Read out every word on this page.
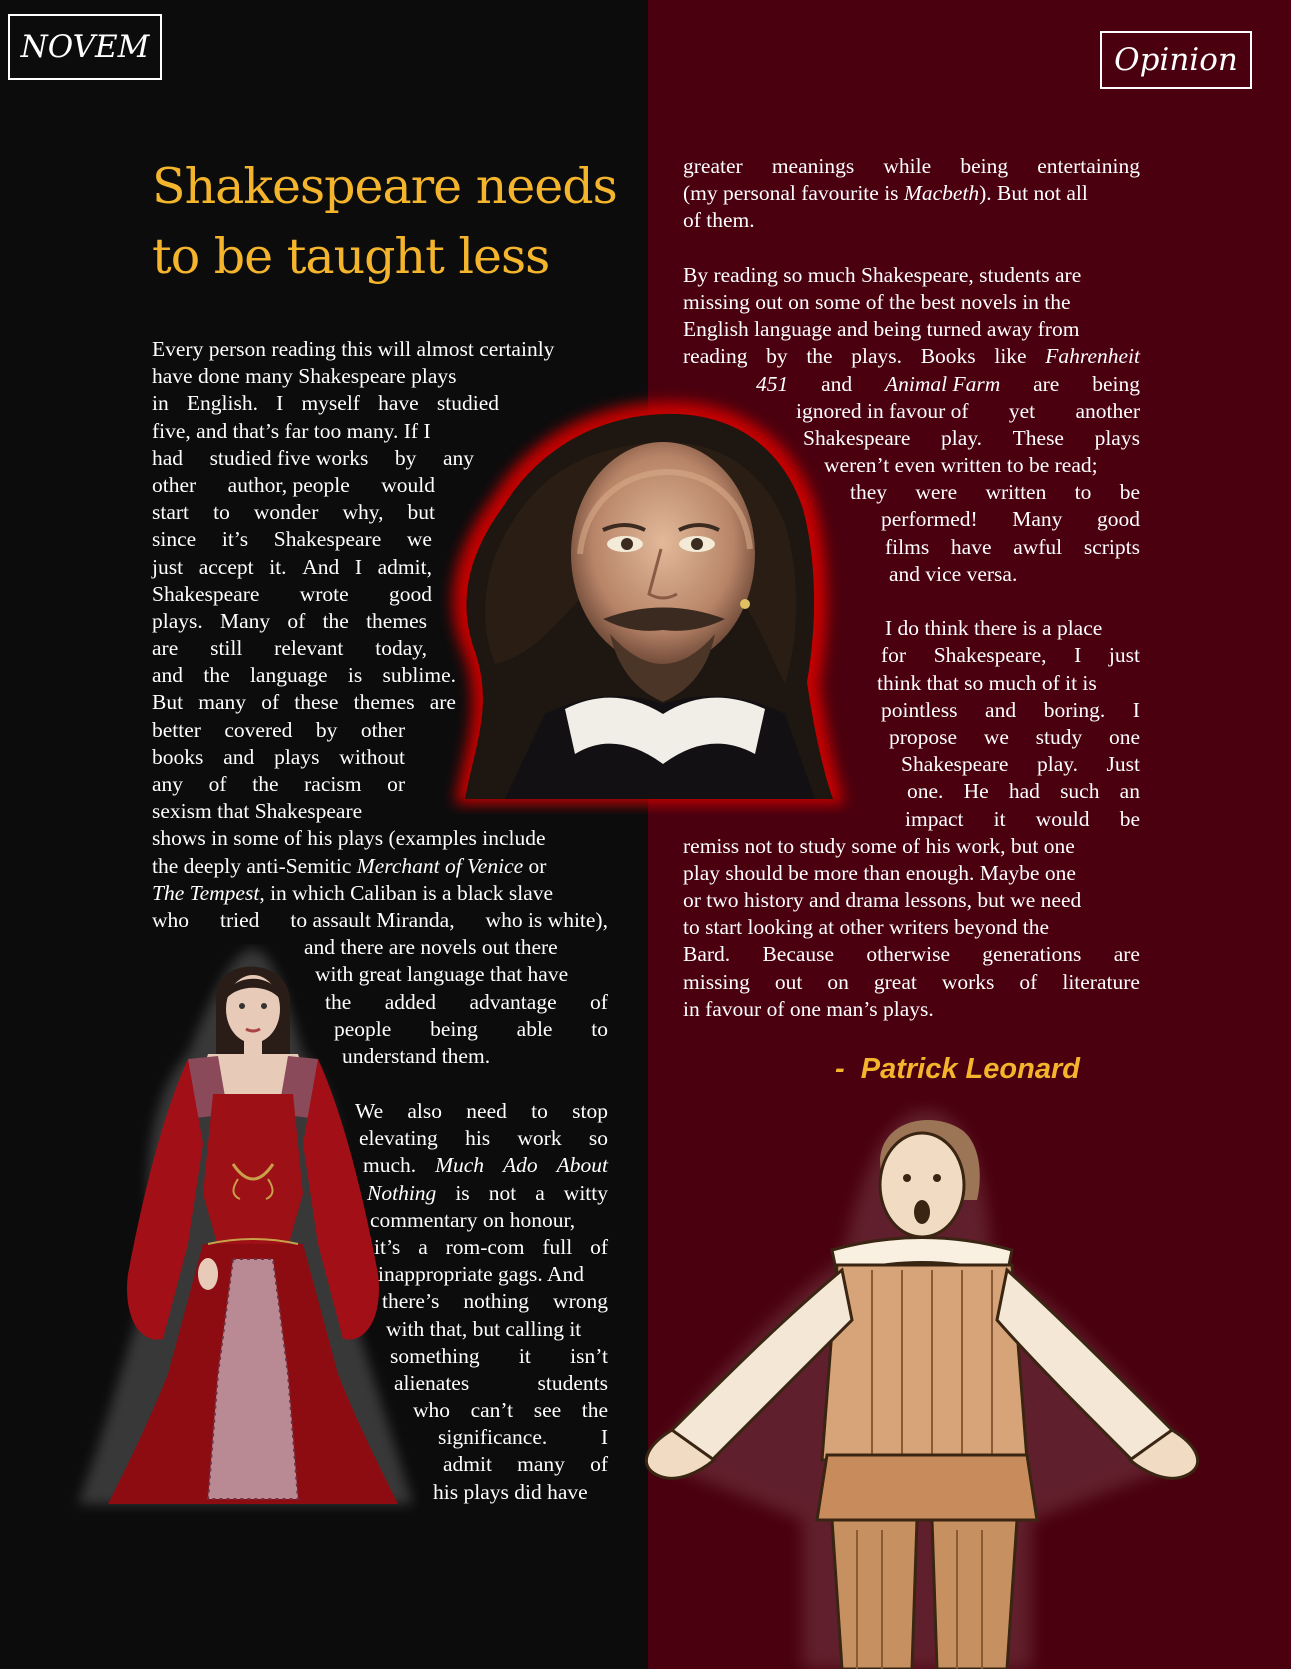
NOVEM	Opinion
Shakespeare needs
to be taught less
Every person reading this will almost certainly
have done many Shakespeare plays
in English. I myself have studied
five, and that’s far too many. If I
had studied five works by any
other author, people would
start to wonder why, but
since it’s Shakespeare we
just accept it. And I admit,
Shakespeare wrote good
plays. Many of the themes
are still relevant today,
and the language is sublime.
But many of these themes are
better covered by other
books and plays without
any of the racism or
sexism that Shakespeare
shows in some of his plays (examples include
the deeply anti-Semitic Merchant of Venice or
The Tempest, in which Caliban is a black slave
who tried to assault Miranda, who is white),
and there are novels out there
with great language that have
the added advantage of
people being able to
understand them.
We also need to stop
elevating his work so
much. Much Ado About
Nothing is not a witty
commentary on honour,
it’s a rom-com full of
inappropriate gags. And
there’s nothing wrong
with that, but calling it
something it isn’t
alienates	students
who can’t see the
significance. I
admit many of
his plays did have
greater meanings while being entertaining
(my personal favourite is Macbeth). But not all
of them.
By reading so much Shakespeare, students are
missing out on some of the best novels in the
English language and being turned away from
reading by the plays. Books like Fahrenheit
451 and Animal Farm are being
ignored in favour of yet another
Shakespeare play. These plays
weren’t even written to be read;
they were written to be
performed! Many good
films have awful scripts
and vice versa.
I do think there is a place
for Shakespeare, I just
think that so much of it is
pointless and boring. I
propose we study one
Shakespeare play. Just
one. He had such an
impact it would be
remiss not to study some of his work, but one
play should be more than enough. Maybe one
or two history and drama lessons, but we need
to start looking at other writers beyond the
Bard. Because otherwise generations are
missing out on great works of literature
in favour of one man’s plays.
-  Patrick Leonard
